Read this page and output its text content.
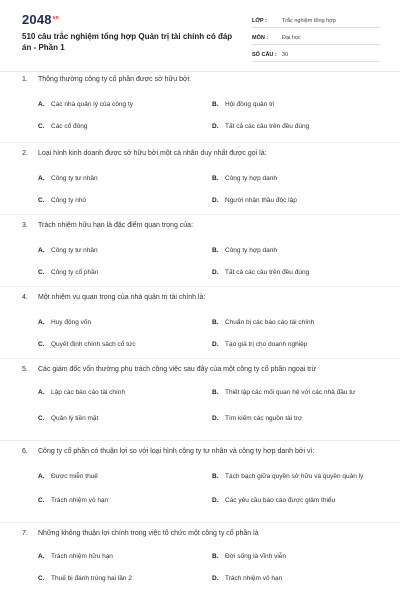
$2048^{vn}$
510 câu trắc nghiệm tổng hợp Quản trị tài chính có đáp án - Phần 1
LỚP :	Trắc nghiệm tổng hợp
MÔN :	Đại học
SỐ CÂU : 30
1.	Thông thường công ty cổ phần được sở hữu bởi:
A.	Các nhà quản lý của công ty	B.	Hội đồng quản trị
C.	Các cổ đông	D.	Tất cả các câu trên đều đúng
2.	Loại hình kinh doanh được sở hữu bởi một cá nhân duy nhất được gọi là:
A.	Công ty tư nhân	B.	Công ty hợp danh
C.	Công ty nhỏ	D.	Người nhận thầu độc lập
3.	Trách nhiệm hữu hạn là đặc điểm quan trọng của:
A.	Công ty tư nhân	B.	Công ty hợp danh
C.	Công ty cổ phần	D.	Tất cả các câu trên đều đúng
4.	Một nhiệm vụ quan trọng của nhà quản trị tài chính là:
A.	Huy động vốn	B.	Chuẩn bị các báo cáo tài chính
C.	Quyết định chính sách cổ tức	D.	Tạo giá trị cho doanh nghiệp
5.	Các giám đốc vốn thường phụ trách công việc sau đây của một công ty cổ phần ngoại trừ
A.	Lập các báo cáo tài chính	B.	Thiết lập các mối quan hệ với các nhà đầu tư
C.	Quản lý tiền mặt	D.	Tìm kiếm các nguồn tài trợ
6.	Công ty cổ phần có thuận lợi so với loại hình công ty tư nhân và công ty hợp danh bởi vì:
A.	Được miễn thuế	B.	Tách bạch giữa quyền sở hữu và quyền quản lý
C.	Trách nhiệm vô hạn	D.	Các yêu cầu báo cáo được giảm thiểu
7.	Những không thuận lợi chính trong việc tổ chức một công ty cổ phần là
A.	Trách nhiệm hữu hạn	B.	Đời sống là vĩnh viễn
C.	Thuế bị đánh trùng hai lần 2	D.	Trách nhiệm vô hạn
